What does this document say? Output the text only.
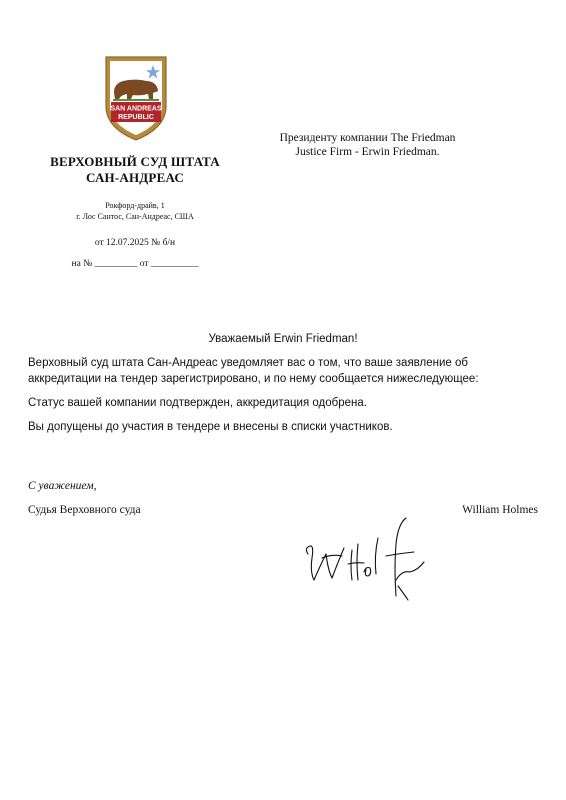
SAN ANDREAS
REPUBLIC
ВЕРХОВНЫЙ СУД ШТАТА
САН-АНДРЕАС
Рокфорд-драйв, 1
г. Лос Сантос, Сан-Андреас, США
от 12.07.2025 № б/н
на № _________ от __________
Президенту компании The Friedman
Justice Firm - Erwin Friedman.
Уважаемый Erwin Friedman!

Верховный суд штата Сан-Андреас уведомляет вас о том, что ваше заявление об аккредитации на тендер зарегистрировано, и по нему сообщается нижеследующее:

Статус вашей компании подтвержден, аккредитация одобрена.

Вы допущены до участия в тендере и внесены в списки участников.

С уважением,
Судья Верховного суда	William Holmes
